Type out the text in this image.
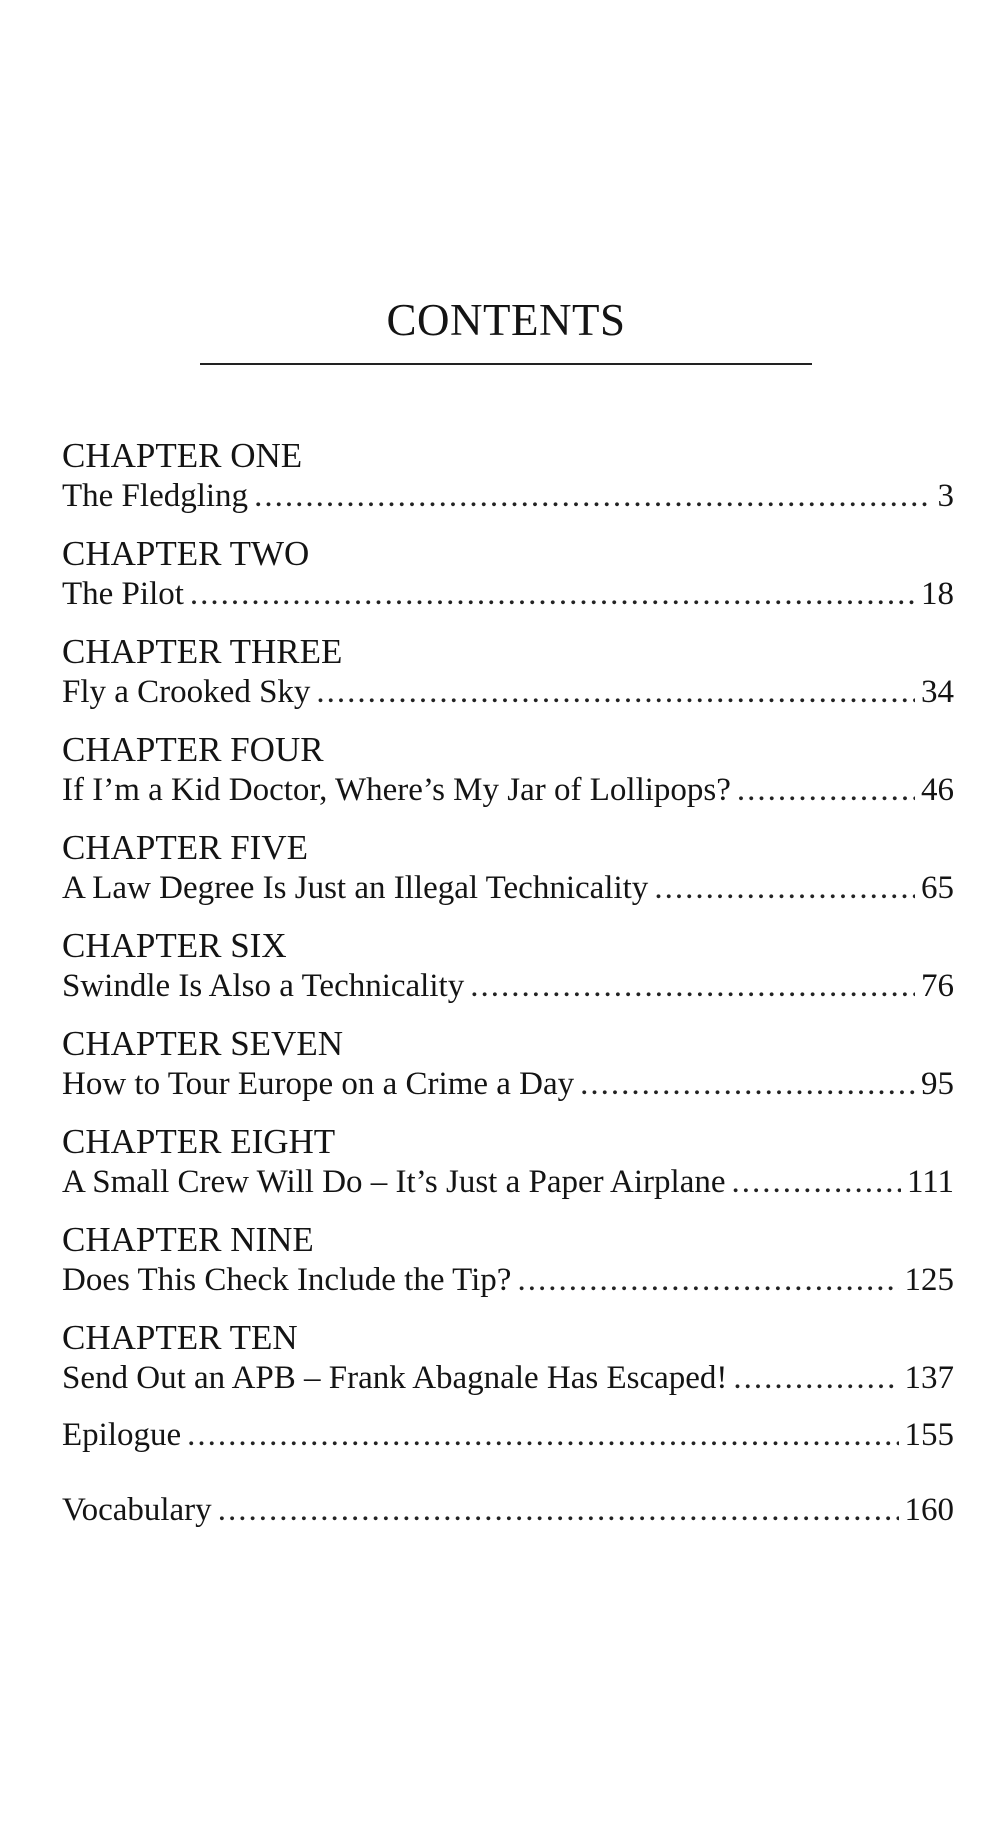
CONTENTS
CHAPTER ONE
The Fledgling .....	3
CHAPTER TWO
The Pilot .....	18
CHAPTER THREE
Fly a Crooked Sky .....	34
CHAPTER FOUR
If I’m a Kid Doctor, Where’s My Jar of Lollipops? .....	46
CHAPTER FIVE
A Law Degree Is Just an Illegal Technicality .....	65
CHAPTER SIX
Swindle Is Also a Technicality .....	76
CHAPTER SEVEN
How to Tour Europe on a Crime a Day .....	95
CHAPTER EIGHT
A Small Crew Will Do – It’s Just a Paper Airplane .....	111
CHAPTER NINE
Does This Check Include the Tip? .....	125
CHAPTER TEN
Send Out an APB – Frank Abagnale Has Escaped! .....	137
Epilogue .....	155
Vocabulary .....	160
